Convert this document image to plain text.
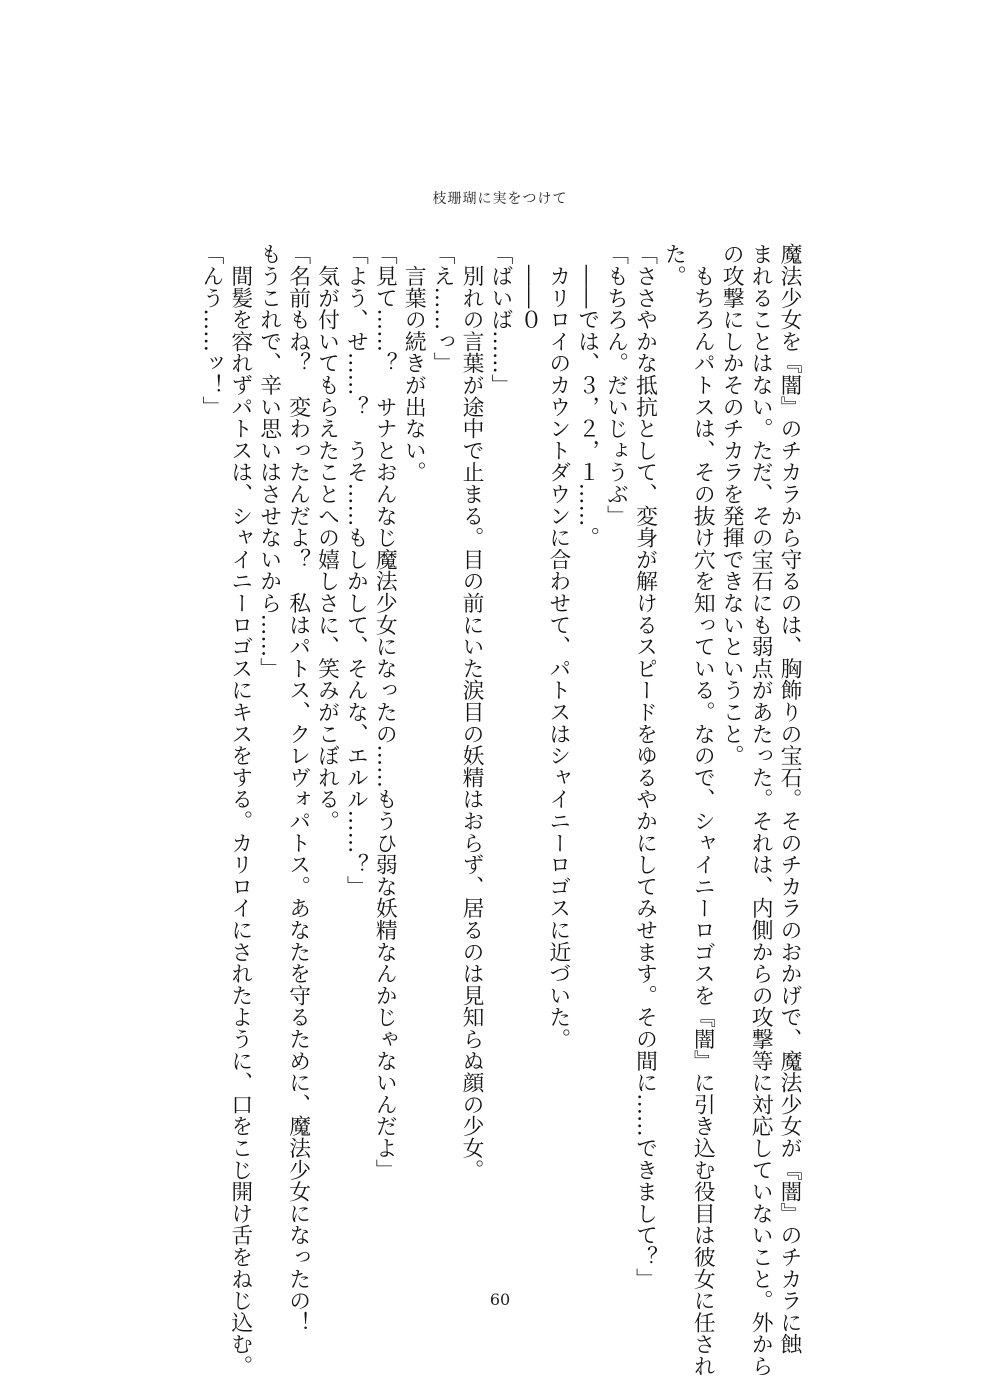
枝珊瑚に実をつけて
魔法少女を『闇』のチカラから守るのは、胸飾りの宝石。そのチカラのおかげで、魔法少女が『闇』のチカラに蝕
まれることはない。ただ、その宝石にも弱点があたった。それは、内側からの攻撃等に対応していないこと。外から
の攻撃にしかそのチカラを発揮できないということ。
　もちろんパトスは、その抜け穴を知っている。なので、シャイニーロゴスを『闇』に引き込む役目は彼女に任され
た。
「ささやかな抵抗として、変身が解けるスピードをゆるやかにしてみせます。その間に……できまして？」
「もちろん。だいじょうぶ」
　――では、３，２，１……。
　カリロイのカウントダウンに合わせて、パトスはシャイニーロゴスに近づいた。
　――０
「ばいば……」
　別れの言葉が途中で止まる。目の前にいた涙目の妖精はおらず、居るのは見知らぬ顔の少女。
「え……っ」
　言葉の続きが出ない。
「見て……？　サナとおんなじ魔法少女になったの……もうひ弱な妖精なんかじゃないんだよ」
「よう、せ……？　うそ……もしかして、そんな、エルル……？」
　気が付いてもらえたことへの嬉しさに、笑みがこぼれる。
「名前もね？　変わったんだよ？　私はパトス、クレヴォパトス。あなたを守るために、魔法少女になったの！
もうこれで、辛い思いはさせないから……」
　間髪を容れずパトスは、シャイニーロゴスにキスをする。カリロイにされたように、口をこじ開け舌をねじ込む。
「んう……ッ！」
60
